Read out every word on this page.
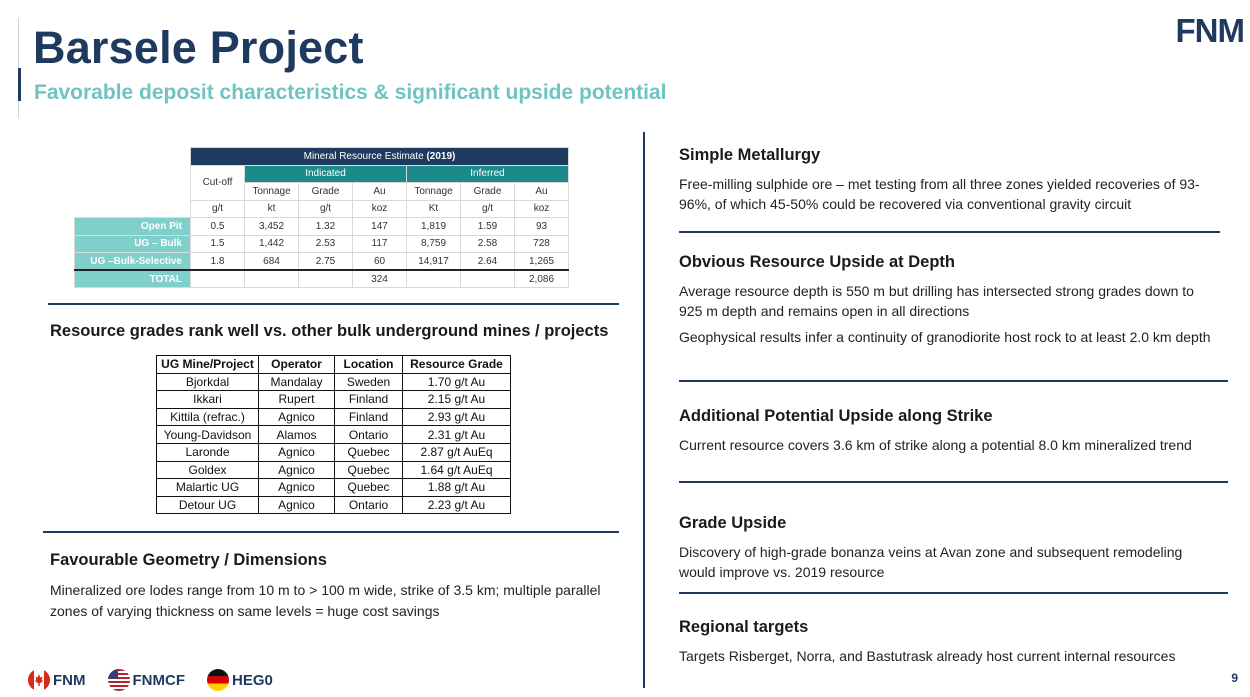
Barsele Project
Favorable deposit characteristics & significant upside potential
FNM
	Mineral Resource Estimate (2019)						
	Cut-off	Indicated			Inferred		
		Tonnage	Grade	Au	Tonnage	Grade	Au
	g/t	kt	g/t	koz	Kt	g/t	koz
Open Pit	0.5	3,452	1.32	147	1,819	1.59	93
UG – Bulk	1.5	1,442	2.53	117	8,759	2.58	728
UG –Bulk-Selective	1.8	684	2.75	60	14,917	2.64	1,265
TOTAL				324			2,086
Resource grades rank well vs. other bulk underground mines / projects
UG Mine/Project	Operator	Location	Resource Grade
Bjorkdal	Mandalay	Sweden	1.70 g/t Au
Ikkari	Rupert	Finland	2.15 g/t Au
Kittila (refrac.)	Agnico	Finland	2.93 g/t Au
Young-Davidson	Alamos	Ontario	2.31 g/t Au
Laronde	Agnico	Quebec	2.87 g/t AuEq
Goldex	Agnico	Quebec	1.64 g/t AuEq
Malartic UG	Agnico	Quebec	1.88 g/t Au
Detour UG	Agnico	Ontario	2.23 g/t Au
Favourable Geometry / Dimensions
Mineralized ore lodes range from 10 m to > 100 m wide, strike of 3.5 km; multiple parallel zones of varying thickness on same levels = huge cost savings
Simple Metallurgy
Free-milling sulphide ore – met testing from all three zones yielded recoveries of 93-96%, of which 45-50% could be recovered via conventional gravity circuit
Obvious Resource Upside at Depth
Average resource depth is 550 m but drilling has intersected strong grades down to 925 m depth and remains open in all directions
Geophysical results infer a continuity of granodiorite host rock to at least 2.0 km depth
Additional Potential Upside along Strike
Current resource covers 3.6 km of strike along a potential 8.0 km mineralized trend
Grade Upside
Discovery of high-grade bonanza veins at Avan zone and subsequent remodeling would improve vs. 2019 resource
Regional targets
Targets Risberget, Norra, and Bastutrask already host current internal resources
FNM	FNMCF	HEG0	9
